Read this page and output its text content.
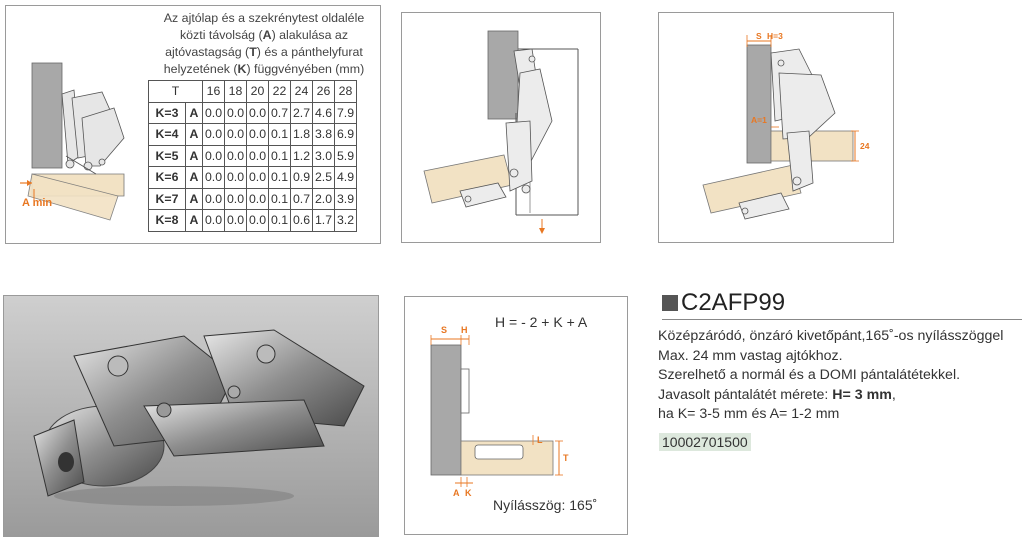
A min
Az ajtólap és a szekrénytest oldaléle
közti távolság (A) alakulása az
ajtóvastagság (T) és a pánthelyfurat
helyzetének (K) függvényében (mm)
T		16	18	20	22	24	26	28
K=3	A	0.0	0.0	0.0	0.7	2.7	4.6	7.9
K=4	A	0.0	0.0	0.0	0.1	1.8	3.8	6.9
K=5	A	0.0	0.0	0.0	0.1	1.2	3.0	5.9
K=6	A	0.0	0.0	0.0	0.1	0.9	2.5	4.9
K=7	A	0.0	0.0	0.0	0.1	0.7	2.0	3.9
K=8	A	0.0	0.0	0.0	0.1	0.6	1.7	3.2
S H=3
A=1
24
H = - 2 + K + A
S H
L
T
A K
Nyílásszög: 165˚
C2AFP99
Középzáródó, önzáró kivetőpánt,165˚-os nyílásszöggel
Max. 24 mm vastag ajtókhoz.
Szerelhető a normál és a DOMI pántalátétekkel.
Javasolt pántalátét mérete: H= 3 mm,
ha K= 3-5 mm és A= 1-2 mm
10002701500
